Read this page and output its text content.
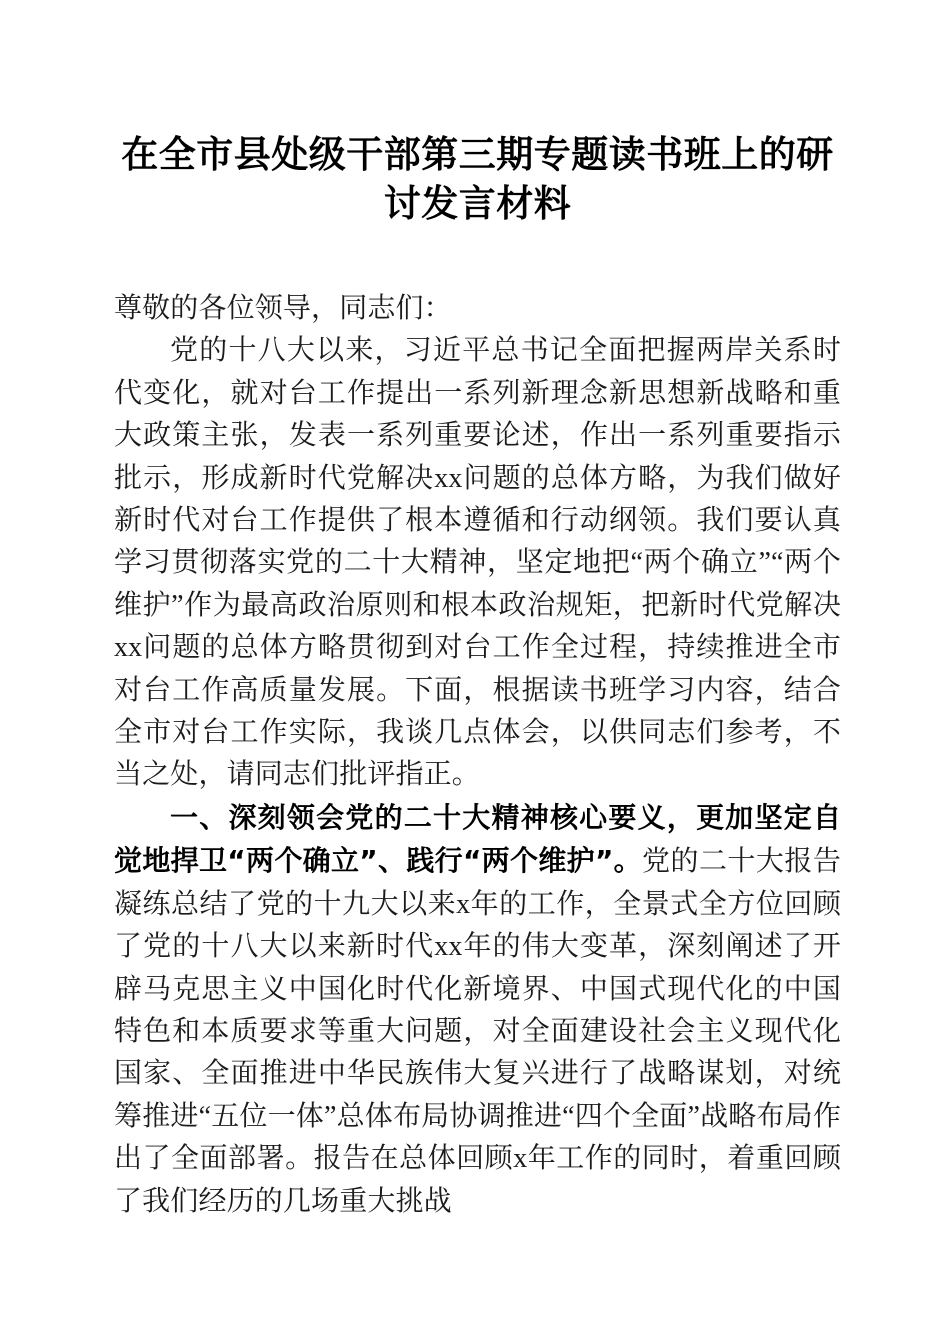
在全市县处级干部第三期专题读书班上的研讨发言材料

尊敬的各位领导，同志们：

党的十八大以来，习近平总书记全面把握两岸关系时代变化，就对台工作提出一系列新理念新思想新战略和重大政策主张，发表一系列重要论述，作出一系列重要指示批示，形成新时代党解决xx问题的总体方略，为我们做好新时代对台工作提供了根本遵循和行动纲领。我们要认真学习贯彻落实党的二十大精神，坚定地把“两个确立”“两个维护”作为最高政治原则和根本政治规矩，把新时代党解决xx问题的总体方略贯彻到对台工作全过程，持续推进全市对台工作高质量发展。下面，根据读书班学习内容，结合全市对台工作实际，我谈几点体会，以供同志们参考，不当之处，请同志们批评指正。

一、深刻领会党的二十大精神核心要义，更加坚定自觉地捍卫“两个确立”、践行“两个维护”。党的二十大报告凝练总结了党的十九大以来x年的工作，全景式全方位回顾了党的十八大以来新时代xx年的伟大变革，深刻阐述了开辟马克思主义中国化时代化新境界、中国式现代化的中国特色和本质要求等重大问题，对全面建设社会主义现代化国家、全面推进中华民族伟大复兴进行了战略谋划，对统筹推进“五位一体”总体布局协调推进“四个全面”战略布局作出了全面部署。报告在总体回顾x年工作的同时，着重回顾了我们经历的几场重大挑战
